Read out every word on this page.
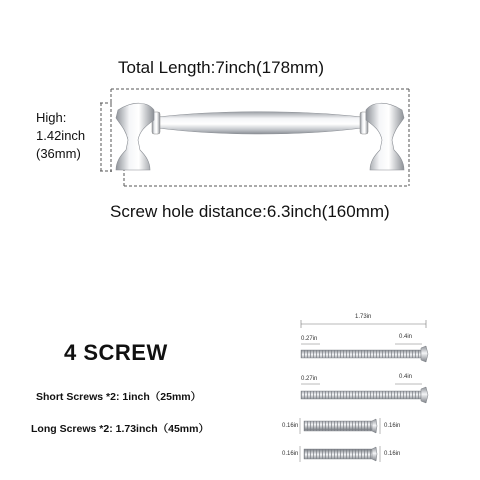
Total Length:7inch(178mm)
High:
1.42inch
(36mm)
Screw hole distance:6.3inch(160mm)
4 SCREW
Short Screws *2: 1inch（25mm）
Long Screws *2: 1.73inch（45mm）
1.73in
0.27in	0.4in
0.27in	0.4in
0.16in	0.16in
0.16in	0.16in
